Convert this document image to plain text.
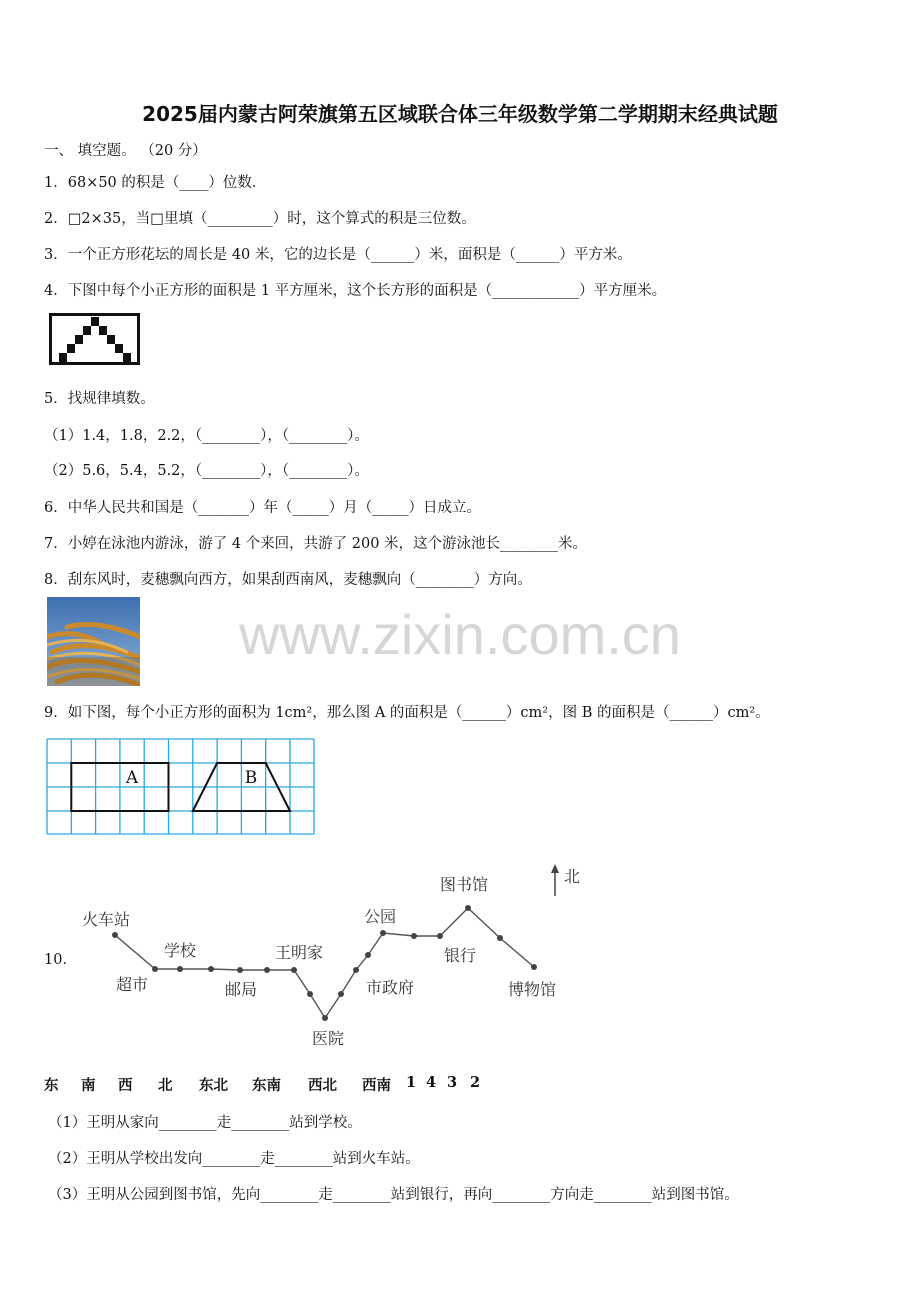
2025届内蒙古阿荣旗第五区域联合体三年级数学第二学期期末经典试题
一、 填空题。 （20 分）
1．68×50 的积是（____）位数．
2．□2×35，当□里填（_________）时，这个算式的积是三位数。
3．一个正方形花坛的周长是 40 米，它的边长是（______）米，面积是（______）平方米。
4．下图中每个小正方形的面积是 1 平方厘米，这个长方形的面积是（____________）平方厘米。
5．找规律填数。
（1）1.4，1.8，2.2，（________），（________）。
（2）5.6，5.4，5.2，（________），（________）。
6．中华人民共和国是（_______）年（_____）月（_____）日成立。
7．小婷在泳池内游泳，游了 4 个来回，共游了 200 米，这个游泳池长________米。
8．刮东风时，麦穗飘向西方，如果刮西南风，麦穗飘向（________）方向。
www.zixin.com.cn
9．如下图，每个小正方形的面积为 1cm²，那么图 A 的面积是（______）cm²，图 B 的面积是（______）cm²。
A	B
10．
北
火车站
超市
学校
邮局
王明家
医院
市政府
公园
图书馆
银行
博物馆
东 南 西 北 东北 东南 西北 西南 1 4 3 2
（1）王明从家向________走________站到学校。
（2）王明从学校出发向________走________站到火车站。
（3）王明从公园到图书馆，先向________走________站到银行，再向________方向走________站到图书馆。
